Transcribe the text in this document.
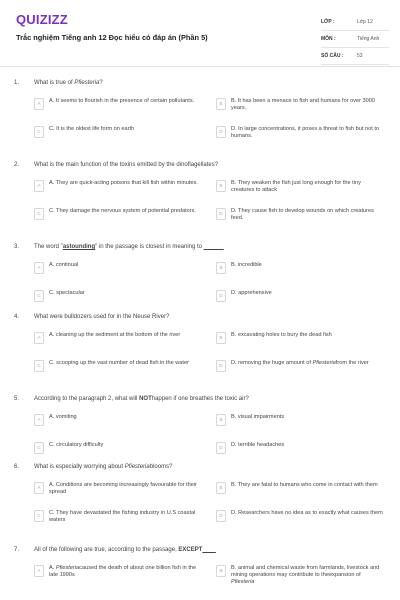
QUIZIZZ
Trắc nghiệm Tiếng anh 12 Đọc hiểu có đáp án (Phần 5)
LỚP :	Lớp 12
MÔN :	Tiếng Anh
SỐ CÂU :	53
1. What is true of Pfiesteria?
A	A. It seems to flourish in the presence of certain pollutants.	B	B. It has been a menace to fish and humans for over 3000 years.
C	C. It is the oldest life form on earth	D	D. In large concentrations, it poses a threat to fish but not to humans.
2. What is the main function of the toxins emitted by the dinoflagellates?
A	A. They are quick-acting poisons that kill fish within minutes.	B	B. They weaken the fish just long enough for the tiny creatures to attack
C	C. They damage the nervous system of potential predators.	D	D. They cause fish to develop wounds on which creatures feed.
3. The word "astounding" in the passage is closest in meaning to ______
A	A. continual	B	B. incredible
C	C. spectacular	D	D. apprehensive
4. What were bulldozers used for in the Neuse River?
A	A. cleaning up the sediment at the bottom of the river	B	B. excavating holes to bury the dead fish
C	C. scooping up the vast number of dead fish in the water	D	D. removing the huge amount of Pfiesteriafrom the river
5. According to the paragraph 2, what will NOThappen if one breathes the toxic air?
A	A. vomiting	B	B. visual impairments
C	C. circulatory difficulty	D	D. terrible headaches
6. What is especially worrying about Pfiesteriablooms?
A	A. Conditions are becoming increasingly favourable for their spread
B	B. They are fatal to humans who come in contact with them
C	C. They have devastated the fishing industry in U.S coastal waters
D	D. Researchers have no idea as to exactly what causes them
7. All of the following are true, according to the passage, EXCEPT____
A	A. Pfiesteriacaused the death of about one billion fish in the late 1990s
B	B. animal and chemical waste from farmlands, livestock and mining operations may contribute to theexpansion of Pfiesteria
